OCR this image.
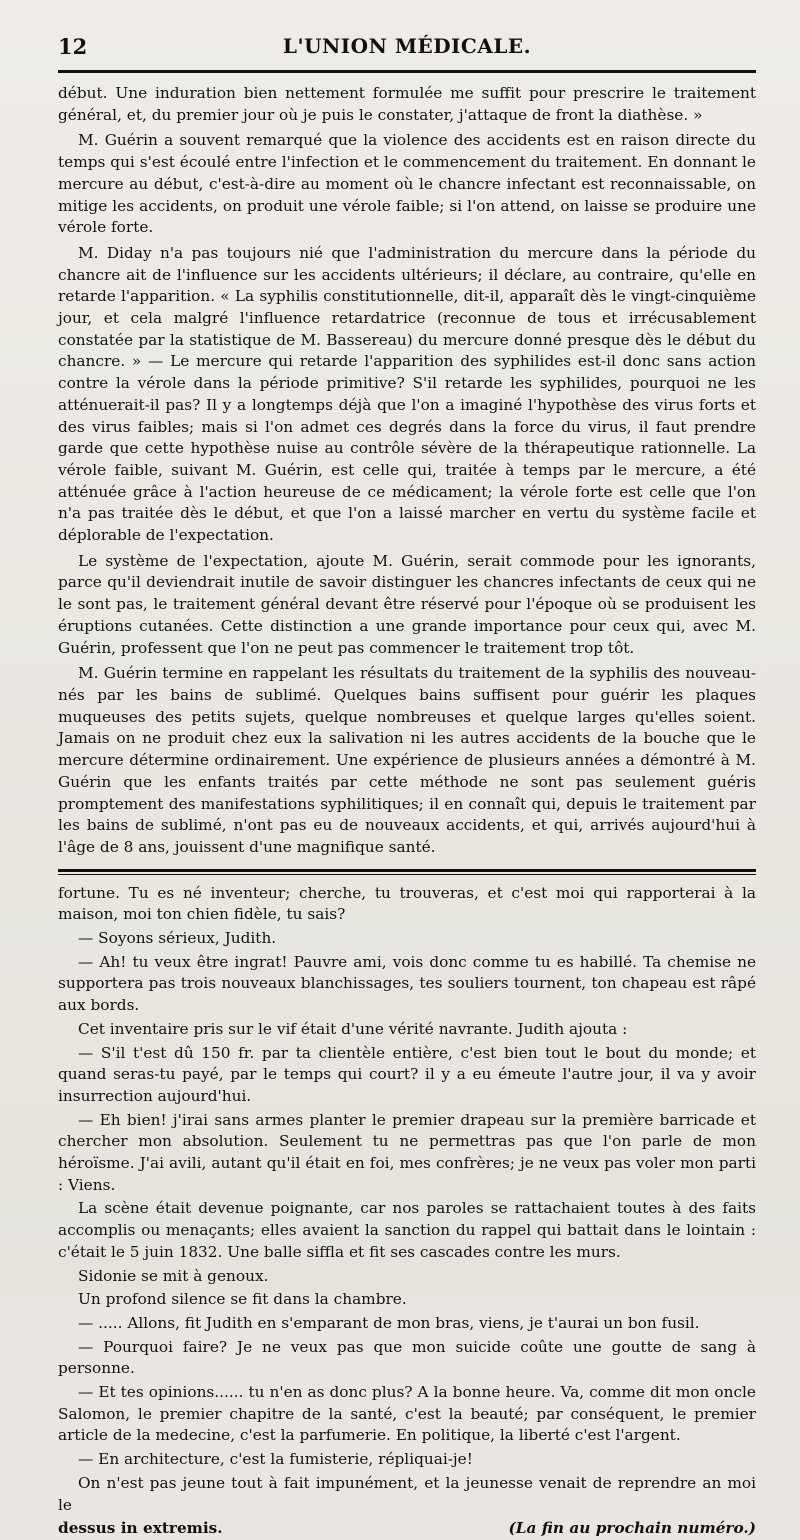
12	L'UNION MÉDICALE.

début. Une induration bien nettement formulée me suffit pour prescrire le traitement général, et, du premier jour où je puis le constater, j'attaque de front la diathèse. »

M. Guérin a souvent remarqué que la violence des accidents est en raison directe du temps qui s'est écoulé entre l'infection et le commencement du traitement. En donnant le mercure au début, c'est-à-dire au moment où le chancre infectant est reconnaissable, on mitige les accidents, on produit une vérole faible; si l'on attend, on laisse se produire une vérole forte.

M. Diday n'a pas toujours nié que l'administration du mercure dans la période du chancre ait de l'influence sur les accidents ultérieurs; il déclare, au contraire, qu'elle en retarde l'apparition. « La syphilis constitutionnelle, dit-il, apparaît dès le vingt-cinquième jour, et cela malgré l'influence retardatrice (reconnue de tous et irrécusablement constatée par la statistique de M. Bassereau) du mercure donné presque dès le début du chancre. » — Le mercure qui retarde l'apparition des syphilides est-il donc sans action contre la vérole dans la période primitive? S'il retarde les syphilides, pourquoi ne les atténuerait-il pas? Il y a longtemps déjà que l'on a imaginé l'hypothèse des virus forts et des virus faibles; mais si l'on admet ces degrés dans la force du virus, il faut prendre garde que cette hypothèse nuise au contrôle sévère de la thérapeutique rationnelle. La vérole faible, suivant M. Guérin, est celle qui, traitée à temps par le mercure, a été atténuée grâce à l'action heureuse de ce médicament; la vérole forte est celle que l'on n'a pas traitée dès le début, et que l'on a laissé marcher en vertu du système facile et déplorable de l'expectation.

Le système de l'expectation, ajoute M. Guérin, serait commode pour les ignorants, parce qu'il deviendrait inutile de savoir distinguer les chancres infectants de ceux qui ne le sont pas, le traitement général devant être réservé pour l'époque où se produisent les éruptions cutanées. Cette distinction a une grande importance pour ceux qui, avec M. Guérin, professent que l'on ne peut pas commencer le traitement trop tôt.

M. Guérin termine en rappelant les résultats du traitement de la syphilis des nouveau-nés par les bains de sublimé. Quelques bains suffisent pour guérir les plaques muqueuses des petits sujets, quelque nombreuses et quelque larges qu'elles soient. Jamais on ne produit chez eux la salivation ni les autres accidents de la bouche que le mercure détermine ordinairement. Une expérience de plusieurs années a démontré à M. Guérin que les enfants traités par cette méthode ne sont pas seulement guéris promptement des manifestations syphilitiques; il en connaît qui, depuis le traitement par les bains de sublimé, n'ont pas eu de nouveaux accidents, et qui, arrivés aujourd'hui à l'âge de 8 ans, jouissent d'une magnifique santé.

fortune. Tu es né inventeur; cherche, tu trouveras, et c'est moi qui rapporterai à la maison, moi ton chien fidèle, tu sais?

— Soyons sérieux, Judith.

— Ah! tu veux être ingrat! Pauvre ami, vois donc comme tu es habillé. Ta chemise ne supportera pas trois nouveaux blanchissages, tes souliers tournent, ton chapeau est râpé aux bords.

Cet inventaire pris sur le vif était d'une vérité navrante. Judith ajouta :

— S'il t'est dû 150 fr. par ta clientèle entière, c'est bien tout le bout du monde; et quand seras-tu payé, par le temps qui court? il y a eu émeute l'autre jour, il va y avoir insurrection aujourd'hui.

— Eh bien! j'irai sans armes planter le premier drapeau sur la première barricade et chercher mon absolution. Seulement tu ne permettras pas que l'on parle de mon héroïsme. J'ai avili, autant qu'il était en foi, mes confrères; je ne veux pas voler mon parti : Viens.

La scène était devenue poignante, car nos paroles se rattachaient toutes à des faits accomplis ou menaçants; elles avaient la sanction du rappel qui battait dans le lointain : c'était le 5 juin 1832. Une balle siffla et fit ses cascades contre les murs.

Sidonie se mit à genoux.

Un profond silence se fit dans la chambre.

— ..... Allons, fit Judith en s'emparant de mon bras, viens, je t'aurai un bon fusil.

— Pourquoi faire? Je ne veux pas que mon suicide coûte une goutte de sang à personne.

— Et tes opinions...... tu n'en as donc plus? A la bonne heure. Va, comme dit mon oncle Salomon, le premier chapitre de la santé, c'est la beauté; par conséquent, le premier article de la medecine, c'est la parfumerie. En politique, la liberté c'est l'argent.

— En architecture, c'est la fumisterie, répliquai-je!

On n'est pas jeune tout à fait impunément, et la jeunesse venait de reprendre an moi le

dessus in extremis.	(La fin au prochain numéro.)
